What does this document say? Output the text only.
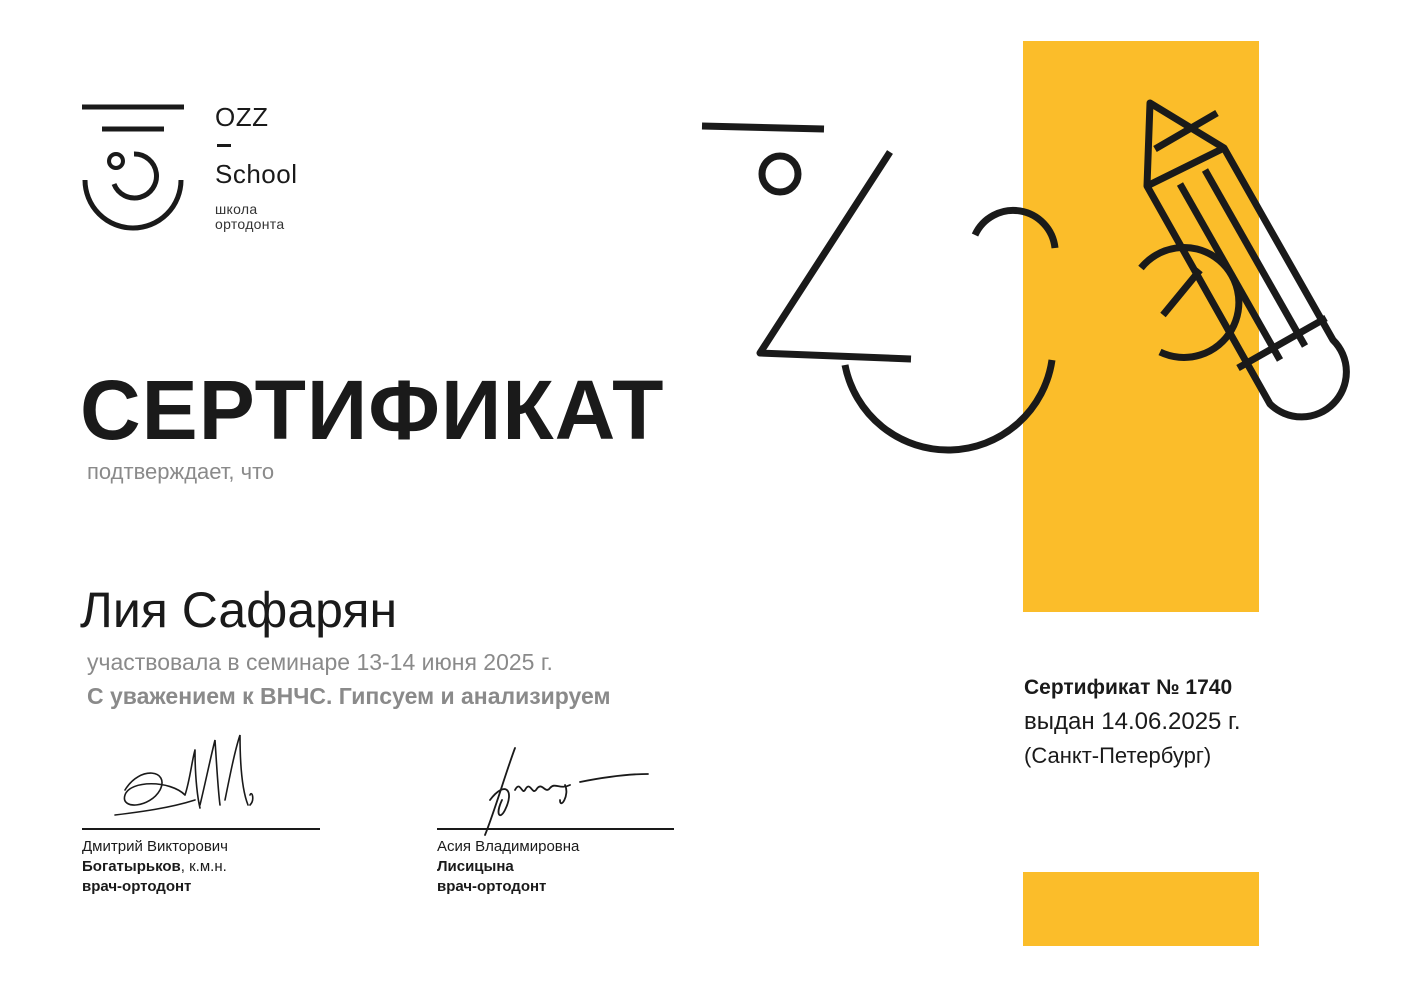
OZZ
School
школа
ортодонта
СЕРТИФИКАТ
подтверждает, что
Лия Сафарян
участвовала в семинаре 13-14 июня 2025 г.
С уважением к ВНЧС. Гипсуем и анализируем
Дмитрий Викторович
Богатырьков, к.м.н.
врач-ортодонт
Асия Владимировна
Лисицына
врач-ортодонт
Сертификат № 1740
выдан 14.06.2025 г.
(Санкт-Петербург)
